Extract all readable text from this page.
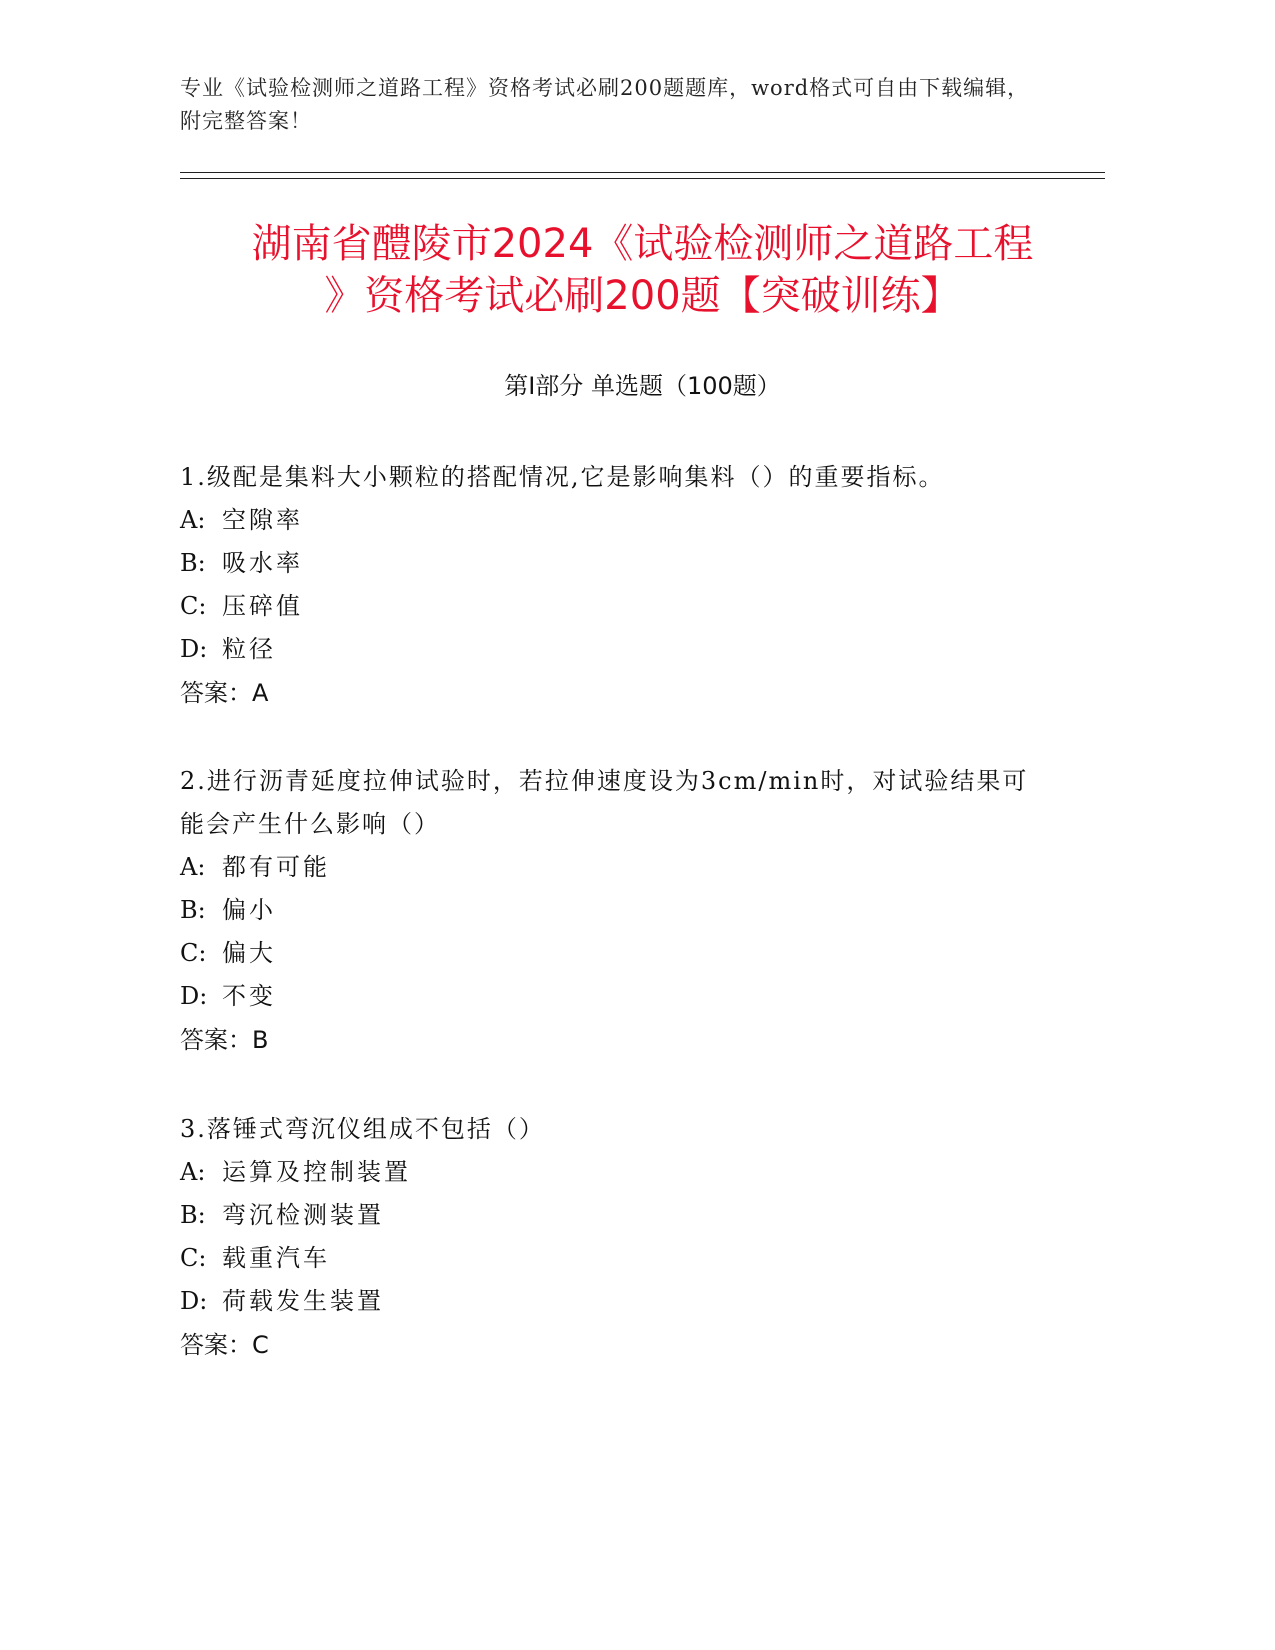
专业《试验检测师之道路工程》资格考试必刷200题题库，word格式可自由下载编辑，附完整答案！
湖南省醴陵市2024《试验检测师之道路工程
》资格考试必刷200题【突破训练】
第I部分 单选题（100题）

1.级配是集料大小颗粒的搭配情况,它是影响集料（）的重要指标。

A: 空隙率

B: 吸水率

C: 压碎值

D: 粒径

答案：A

2.进行沥青延度拉伸试验时，若拉伸速度设为3cm/min时，对试验结果可能会产生什么影响（）

A: 都有可能

B: 偏小

C: 偏大

D: 不变

答案：B

3.落锤式弯沉仪组成不包括（）

A: 运算及控制装置

B: 弯沉检测装置

C: 载重汽车

D: 荷载发生装置

答案：C
